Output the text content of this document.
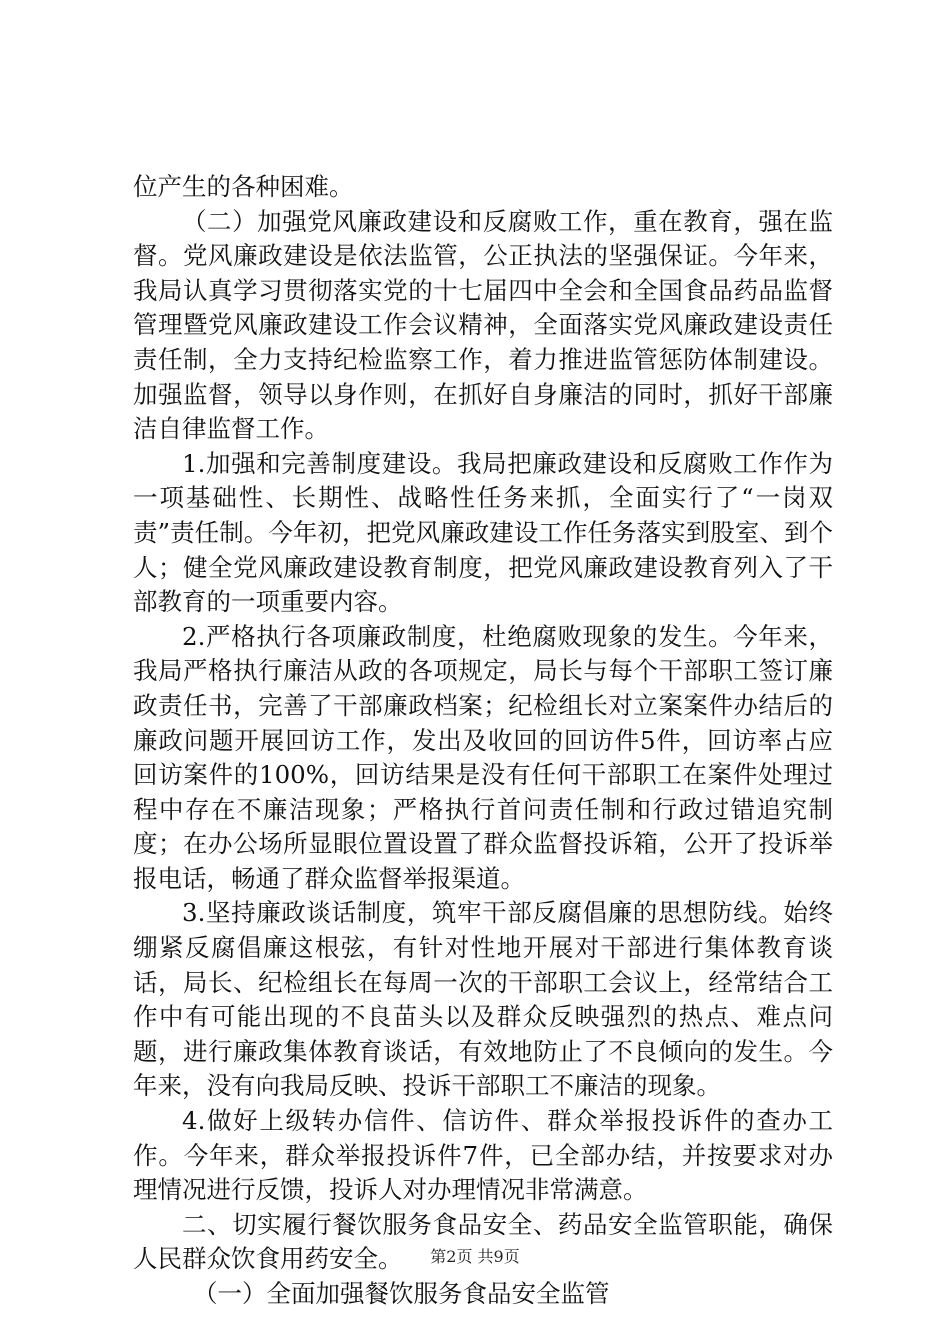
位产生的各种困难。

（二）加强党风廉政建设和反腐败工作，重在教育，强在监督。党风廉政建设是依法监管，公正执法的坚强保证。今年来，我局认真学习贯彻落实党的十七届四中全会和全国食品药品监督管理暨党风廉政建设工作会议精神，全面落实党风廉政建设责任责任制，全力支持纪检监察工作，着力推进监管惩防体制建设。加强监督，领导以身作则，在抓好自身廉洁的同时，抓好干部廉洁自律监督工作。

1.加强和完善制度建设。我局把廉政建设和反腐败工作作为一项基础性、长期性、战略性任务来抓，全面实行了“一岗双责”责任制。今年初，把党风廉政建设工作任务落实到股室、到个人；健全党风廉政建设教育制度，把党风廉政建设教育列入了干部教育的一项重要内容。

2.严格执行各项廉政制度，杜绝腐败现象的发生。今年来，我局严格执行廉洁从政的各项规定，局长与每个干部职工签订廉政责任书，完善了干部廉政档案；纪检组长对立案案件办结后的廉政问题开展回访工作，发出及收回的回访件5件，回访率占应回访案件的100%，回访结果是没有任何干部职工在案件处理过程中存在不廉洁现象；严格执行首问责任制和行政过错追究制度；在办公场所显眼位置设置了群众监督投诉箱，公开了投诉举报电话，畅通了群众监督举报渠道。

3.坚持廉政谈话制度，筑牢干部反腐倡廉的思想防线。始终绷紧反腐倡廉这根弦，有针对性地开展对干部进行集体教育谈话，局长、纪检组长在每周一次的干部职工会议上，经常结合工作中有可能出现的不良苗头以及群众反映强烈的热点、难点问题，进行廉政集体教育谈话，有效地防止了不良倾向的发生。今年来，没有向我局反映、投诉干部职工不廉洁的现象。

4.做好上级转办信件、信访件、群众举报投诉件的查办工作。今年来，群众举报投诉件7件，已全部办结，并按要求对办理情况进行反馈，投诉人对办理情况非常满意。

二、切实履行餐饮服务食品安全、药品安全监管职能，确保人民群众饮食用药安全。

（一）全面加强餐饮服务食品安全监管

第2页 共9页
